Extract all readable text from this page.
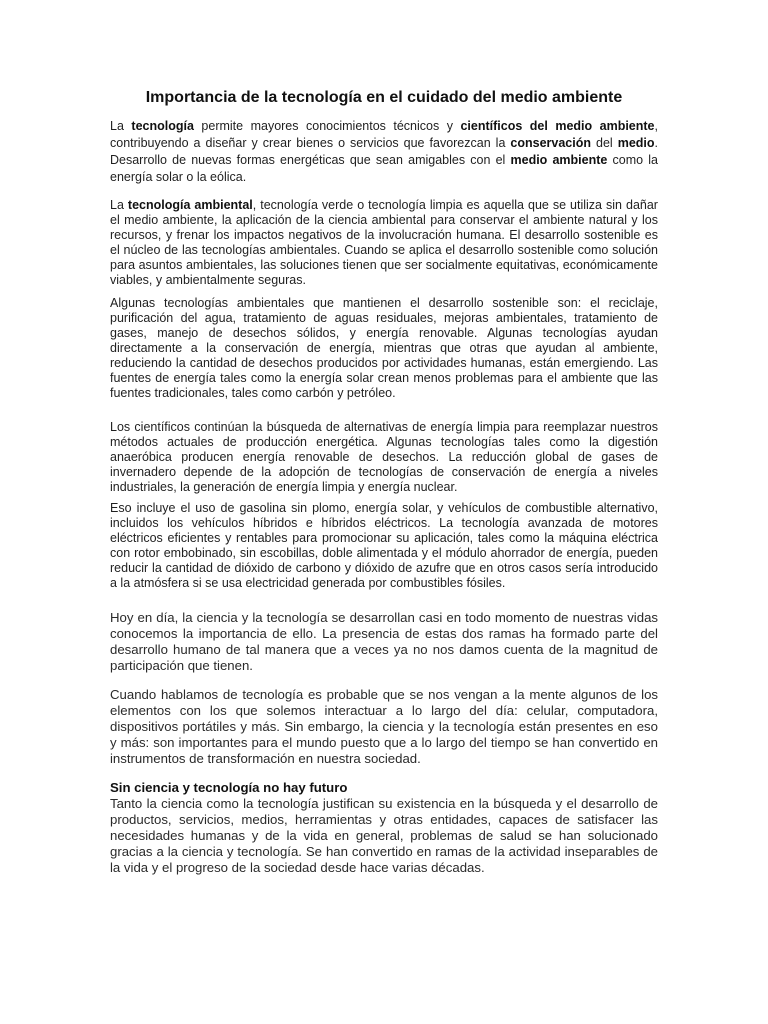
Importancia de la tecnología en el cuidado del medio ambiente

La tecnología permite mayores conocimientos técnicos y científicos del medio ambiente, contribuyendo a diseñar y crear bienes o servicios que favorezcan la conservación del medio. Desarrollo de nuevas formas energéticas que sean amigables con el medio ambiente como la energía solar o la eólica.

La tecnología ambiental, tecnología verde o tecnología limpia es aquella que se utiliza sin dañar el medio ambiente, la aplicación de la ciencia ambiental para conservar el ambiente natural y los recursos, y frenar los impactos negativos de la involucración humana. El desarrollo sostenible es el núcleo de las tecnologías ambientales. Cuando se aplica el desarrollo sostenible como solución para asuntos ambientales, las soluciones tienen que ser socialmente equitativas, económicamente viables, y ambientalmente seguras.

Algunas tecnologías ambientales que mantienen el desarrollo sostenible son: el reciclaje, purificación del agua, tratamiento de aguas residuales, mejoras ambientales, tratamiento de gases, manejo de desechos sólidos, y energía renovable. Algunas tecnologías ayudan directamente a la conservación de energía, mientras que otras que ayudan al ambiente, reduciendo la cantidad de desechos producidos por actividades humanas, están emergiendo. Las fuentes de energía tales como la energía solar crean menos problemas para el ambiente que las fuentes tradicionales, tales como carbón y petróleo.

Los científicos continúan la búsqueda de alternativas de energía limpia para reemplazar nuestros métodos actuales de producción energética. Algunas tecnologías tales como la digestión anaeróbica producen energía renovable de desechos. La reducción global de gases de invernadero depende de la adopción de tecnologías de conservación de energía a niveles industriales, la generación de energía limpia y energía nuclear.

Eso incluye el uso de gasolina sin plomo, energía solar, y vehículos de combustible alternativo, incluidos los vehículos híbridos e híbridos eléctricos. La tecnología avanzada de motores eléctricos eficientes y rentables para promocionar su aplicación, tales como la máquina eléctrica con rotor embobinado, sin escobillas, doble alimentada y el módulo ahorrador de energía, pueden reducir la cantidad de dióxido de carbono y dióxido de azufre que en otros casos sería introducido a la atmósfera si se usa electricidad generada por combustibles fósiles.

Hoy en día, la ciencia y la tecnología se desarrollan casi en todo momento de nuestras vidas conocemos la importancia de ello. La presencia de estas dos ramas ha formado parte del desarrollo humano de tal manera que a veces ya no nos damos cuenta de la magnitud de participación que tienen.

Cuando hablamos de tecnología es probable que se nos vengan a la mente algunos de los elementos con los que solemos interactuar a lo largo del día: celular, computadora, dispositivos portátiles y más. Sin embargo, la ciencia y la tecnología están presentes en eso y más: son importantes para el mundo puesto que a lo largo del tiempo se han convertido en instrumentos de transformación en nuestra sociedad.

Sin ciencia y tecnología no hay futuro

Tanto la ciencia como la tecnología justifican su existencia en la búsqueda y el desarrollo de productos, servicios, medios, herramientas y otras entidades, capaces de satisfacer las necesidades humanas y de la vida en general, problemas de salud se han solucionado gracias a la ciencia y tecnología. Se han convertido en ramas de la actividad inseparables de la vida y el progreso de la sociedad desde hace varias décadas.
